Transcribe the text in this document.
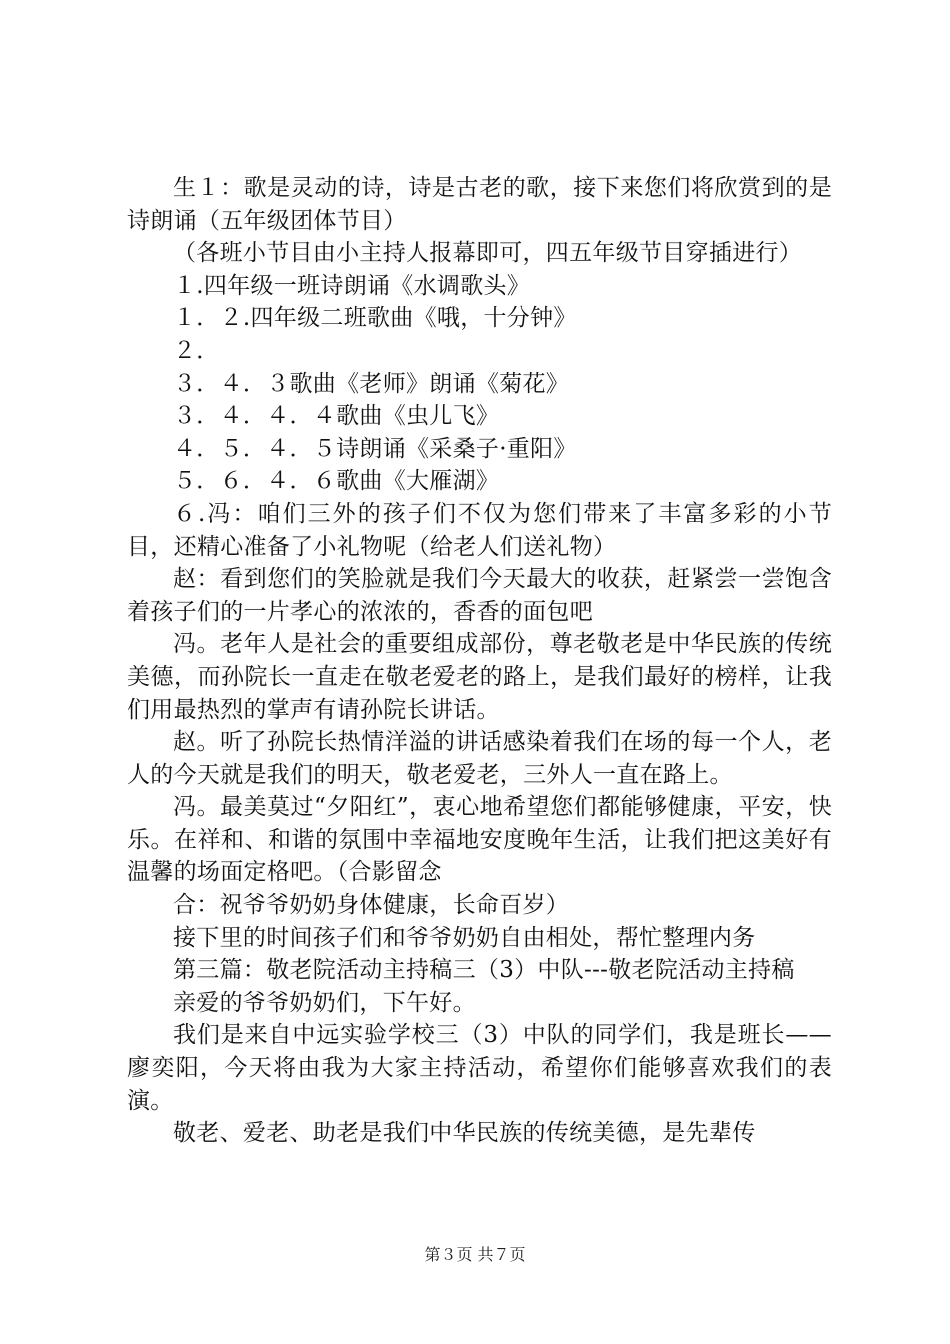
生１：歌是灵动的诗，诗是古老的歌，接下来您们将欣赏到的是诗朗诵（五年级团体节目）

（各班小节目由小主持人报幕即可，四五年级节目穿插进行）

１.四年级一班诗朗诵《水调歌头》

１．２.四年级二班歌曲《哦，十分钟》

２．

３．４．３歌曲《老师》朗诵《菊花》

３．４．４．４歌曲《虫儿飞》

４．５．４．５诗朗诵《采桑子·重阳》

５．６．４．６歌曲《大雁湖》

６.冯：咱们三外的孩子们不仅为您们带来了丰富多彩的小节目，还精心准备了小礼物呢（给老人们送礼物）

赵：看到您们的笑脸就是我们今天最大的收获，赶紧尝一尝饱含着孩子们的一片孝心的浓浓的，香香的面包吧

冯。老年人是社会的重要组成部份，尊老敬老是中华民族的传统美德，而孙院长一直走在敬老爱老的路上，是我们最好的榜样，让我们用最热烈的掌声有请孙院长讲话。

赵。听了孙院长热情洋溢的讲话感染着我们在场的每一个人，老人的今天就是我们的明天，敬老爱老，三外人一直在路上。

冯。最美莫过“夕阳红”，衷心地希望您们都能够健康，平安，快乐。在祥和、和谐的氛围中幸福地安度晚年生活，让我们把这美好有温馨的场面定格吧。（合影留念

合：祝爷爷奶奶身体健康，长命百岁）

接下里的时间孩子们和爷爷奶奶自由相处，帮忙整理内务

第三篇：敬老院活动主持稿三（3）中队---敬老院活动主持稿

亲爱的爷爷奶奶们，下午好。

我们是来自中远实验学校三（3）中队的同学们，我是班长——廖奕阳，今天将由我为大家主持活动，希望你们能够喜欢我们的表演。

敬老、爱老、助老是我们中华民族的传统美德，是先辈传

第３页 共７页
